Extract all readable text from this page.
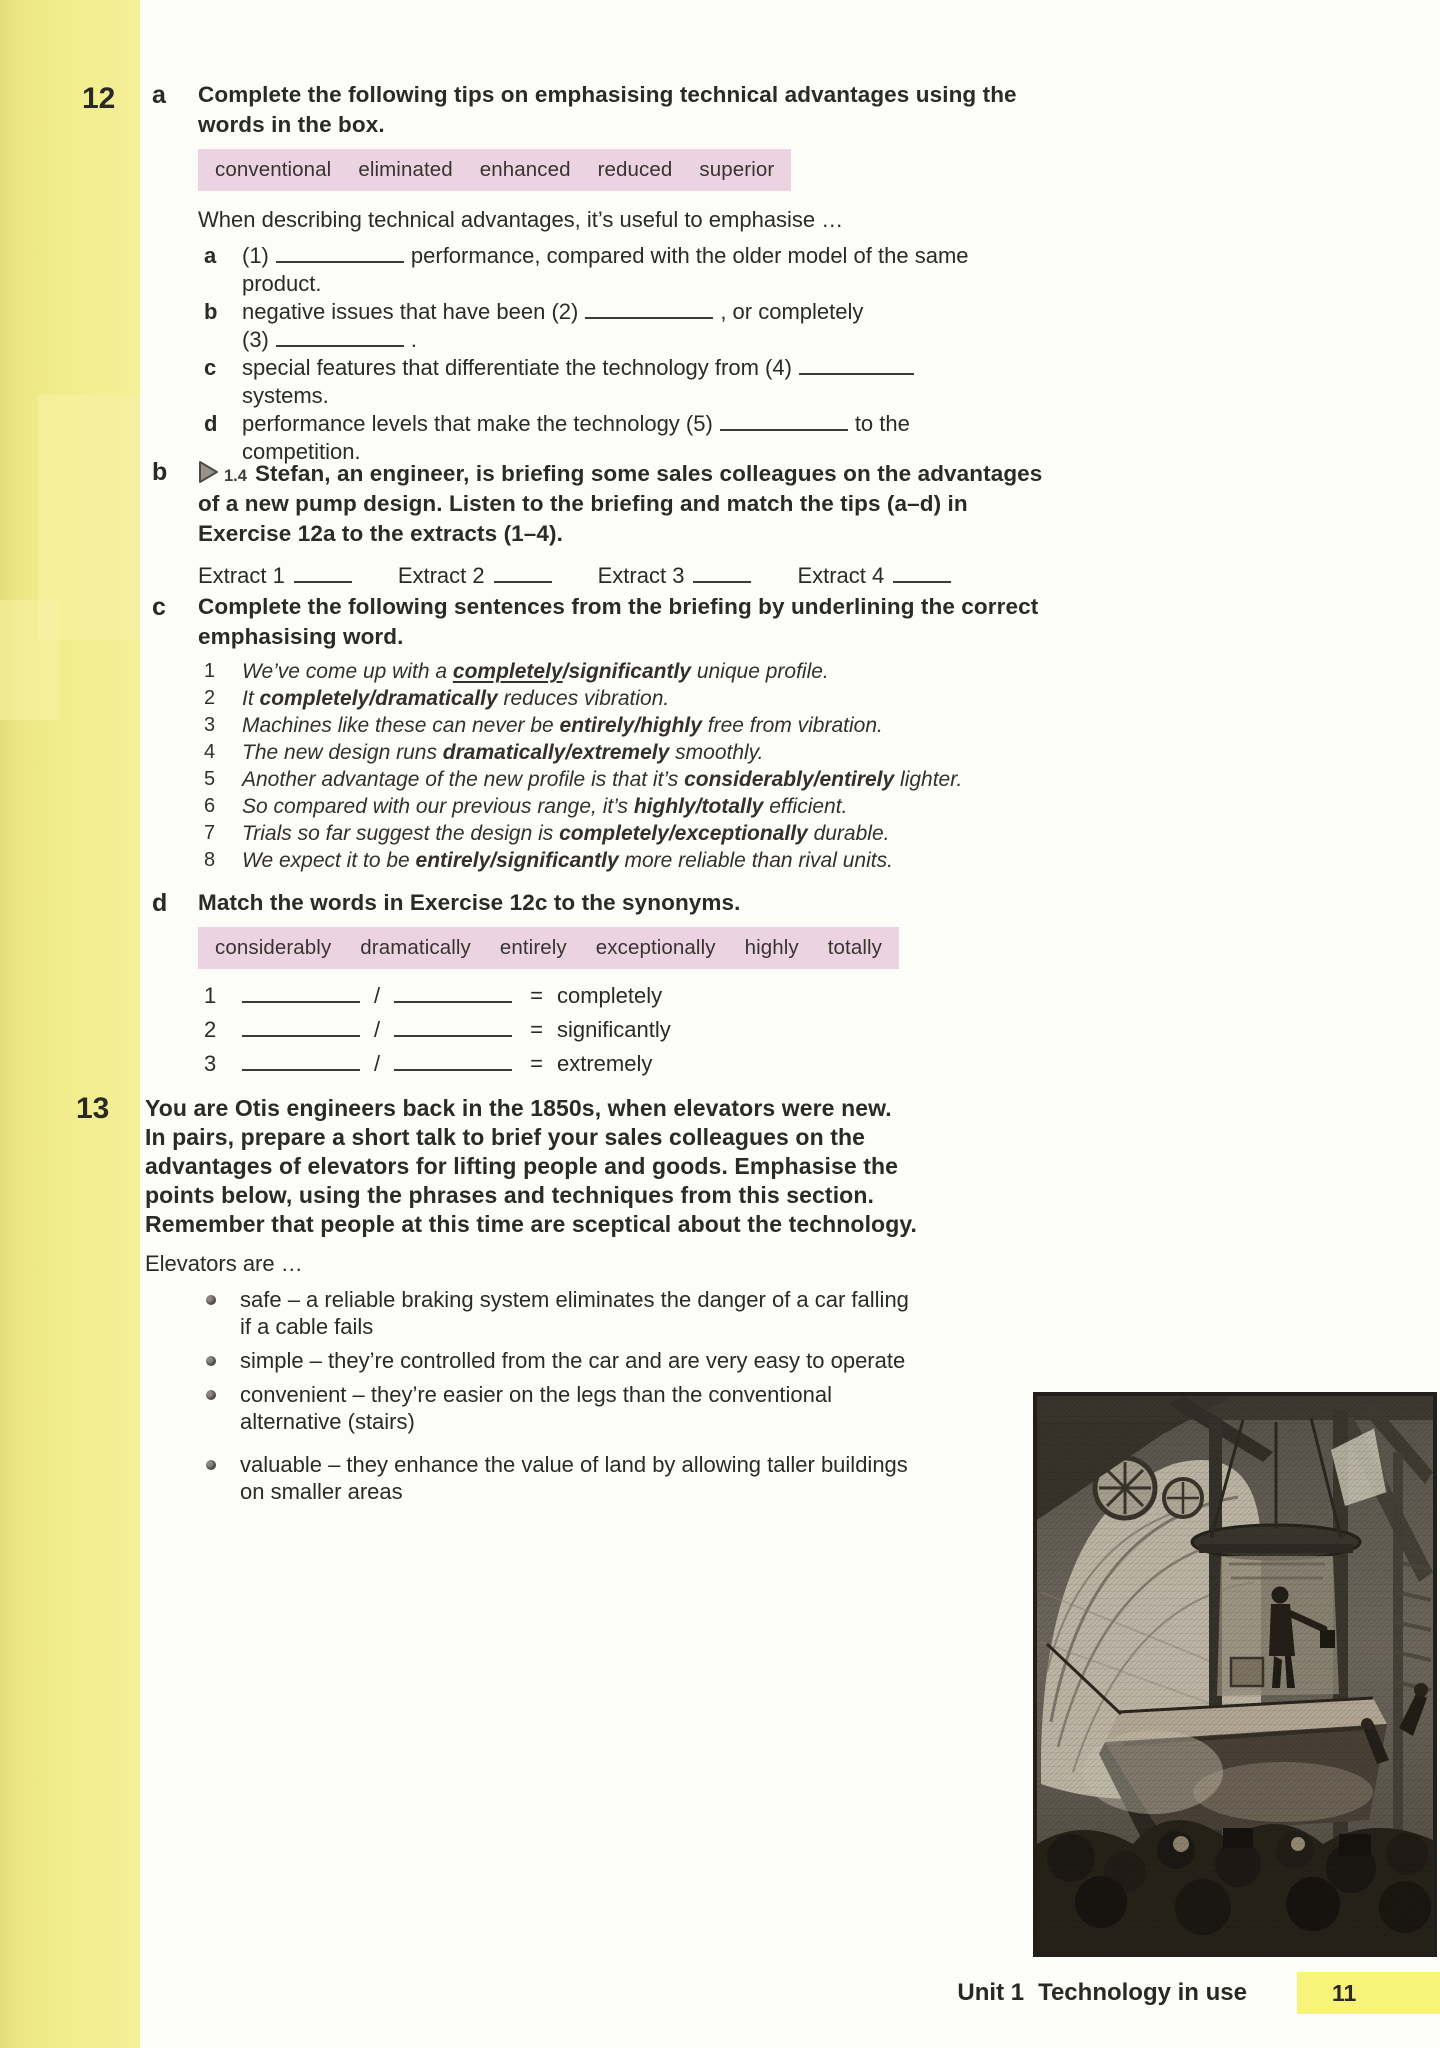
12
13
a Complete the following tips on emphasising technical advantages using the
words in the box.
conventional eliminated enhanced reduced superior
When describing technical advantages, it’s useful to emphasise …
a (1)	performance, compared with the older model of the same
product.
b negative issues that have been (2)	, or completely
(3)	.
c special features that differentiate the technology from (4)
systems.
d performance levels that make the technology (5)	to the
competition.
b	1.4 Stefan, an engineer, is briefing some sales colleagues on the advantages
of a new pump design. Listen to the briefing and match the tips (a–d) in
Exercise 12a to the extracts (1–4).
Extract 1	Extract 2	Extract 3	Extract 4
c Complete the following sentences from the briefing by underlining the correct
emphasising word.
1 We’ve come up with a completely/significantly unique profile.
2 It completely/dramatically reduces vibration.
3 Machines like these can never be entirely/highly free from vibration.
4 The new design runs dramatically/extremely smoothly.
5 Another advantage of the new profile is that it’s considerably/entirely lighter.
6 So compared with our previous range, it’s highly/totally efficient.
7 Trials so far suggest the design is completely/exceptionally durable.
8 We expect it to be entirely/significantly more reliable than rival units.
d Match the words in Exercise 12c to the synonyms.
considerably dramatically entirely exceptionally highly totally
1	/	= completely
2	/	= significantly
3	/	= extremely
You are Otis engineers back in the 1850s, when elevators were new.
In pairs, prepare a short talk to brief your sales colleagues on the
advantages of elevators for lifting people and goods. Emphasise the
points below, using the phrases and techniques from this section.
Remember that people at this time are sceptical about the technology.
Elevators are …
safe – a reliable braking system eliminates the danger of a car falling
if a cable fails
simple – they’re controlled from the car and are very easy to operate
convenient – they’re easier on the legs than the conventional
alternative (stairs)
valuable – they enhance the value of land by allowing taller buildings
on smaller areas
Unit 1 Technology in use	11
